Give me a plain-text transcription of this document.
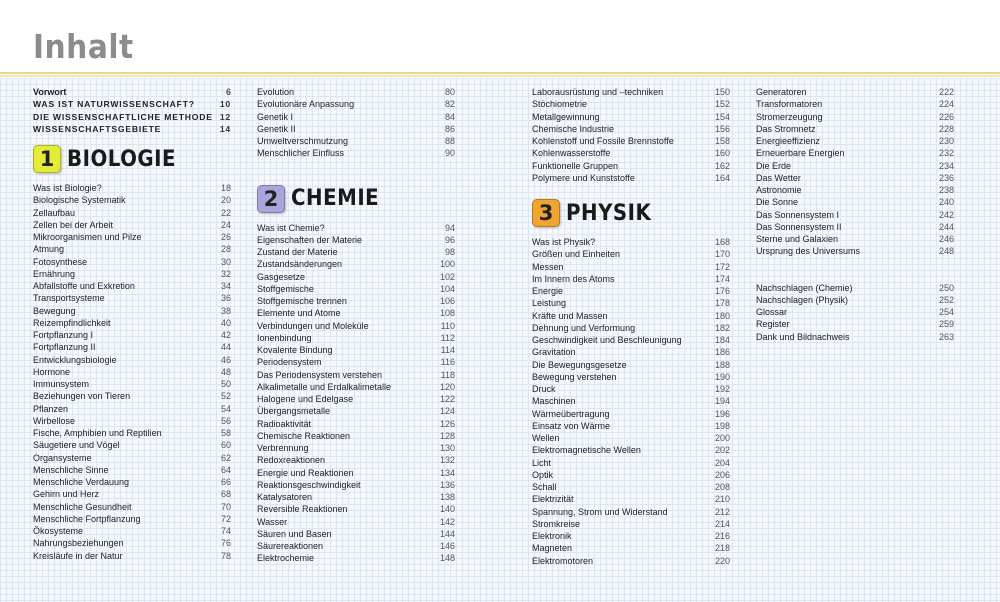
Inhalt
Vorwort	6
WAS IST NATURWISSENSCHAFT?	10
DIE WISSENSCHAFTLICHE METHODE 12
WISSENSCHAFTSGEBIETE	14
1 BIOLOGIE
Was ist Biologie?	18
Biologische Systematik	20
Zellaufbau	22
Zellen bei der Arbeit	24
Mikroorganismen und Pilze	26
Atmung	28
Fotosynthese	30
Ernährung	32
Abfallstoffe und Exkretion	34
Transportsysteme	36
Bewegung	38
Reizempfindlichkeit	40
Fortpflanzung I	42
Fortpflanzung II	44
Entwicklungsbiologie	46
Hormone	48
Immunsystem	50
Beziehungen von Tieren	52
Pflanzen	54
Wirbellose	56
Fische, Amphibien und Reptilien	58
Säugetiere und Vögel	60
Organsysteme	62
Menschliche Sinne	64
Menschliche Verdauung	66
Gehirn und Herz	68
Menschliche Gesundheit	70
Menschliche Fortpflanzung	72
Ökosysteme	74
Nahrungsbeziehungen	76
Kreisläufe in der Natur	78
Evolution	80
Evolutionäre Anpassung	82
Genetik I	84
Genetik II	86
Umweltverschmutzung	88
Menschlicher Einfluss	90
2 CHEMIE
Was ist Chemie?	94
Eigenschaften der Materie	96
Zustand der Materie	98
Zustandsänderungen	100
Gasgesetze	102
Stoffgemische	104
Stoffgemische trennen	106
Elemente und Atome	108
Verbindungen und Moleküle	110
Ionenbindung	112
Kovalente Bindung	114
Periodensystem	116
Das Periodensystem verstehen	118
Alkalimetalle und Erdalkalimetalle	120
Halogene und Edelgase	122
Übergangsmetalle	124
Radioaktivität	126
Chemische Reaktionen	128
Verbrennung	130
Redoxreaktionen	132
Energie und Reaktionen	134
Reaktionsgeschwindigkeit	136
Katalysatoren	138
Reversible Reaktionen	140
Wasser	142
Säuren und Basen	144
Säurereaktionen	146
Elektrochemie	148
Laborausrüstung und –techniken	150
Stöchiometrie	152
Metallgewinnung	154
Chemische Industrie	156
Kohlenstoff und Fossile Brennstoffe	158
Kohlenwasserstoffe	160
Funktionelle Gruppen	162
Polymere und Kunststoffe	164
3 PHYSIK
Was ist Physik?	168
Größen und Einheiten	170
Messen	172
Im Innern des Atoms	174
Energie	176
Leistung	178
Kräfte und Massen	180
Dehnung und Verformung	182
Geschwindigkeit und Beschleunigung	184
Gravitation	186
Die Bewegungsgesetze	188
Bewegung verstehen	190
Druck	192
Maschinen	194
Wärmeübertragung	196
Einsatz von Wärme	198
Wellen	200
Elektromagnetische Wellen	202
Licht	204
Optik	206
Schall	208
Elektrizität	210
Spannung, Strom und Widerstand	212
Stromkreise	214
Elektronik	216
Magneten	218
Elektromotoren	220
Generatoren	222
Transformatoren	224
Stromerzeugung	226
Das Stromnetz	228
Energieeffizienz	230
Erneuerbare Energien	232
Die Erde	234
Das Wetter	236
Astronomie	238
Die Sonne	240
Das Sonnensystem I	242
Das Sonnensystem II	244
Sterne und Galaxien	246
Ursprung des Universums	248
Nachschlagen (Chemie)	250
Nachschlagen (Physik)	252
Glossar	254
Register	259
Dank und Bildnachweis	263
